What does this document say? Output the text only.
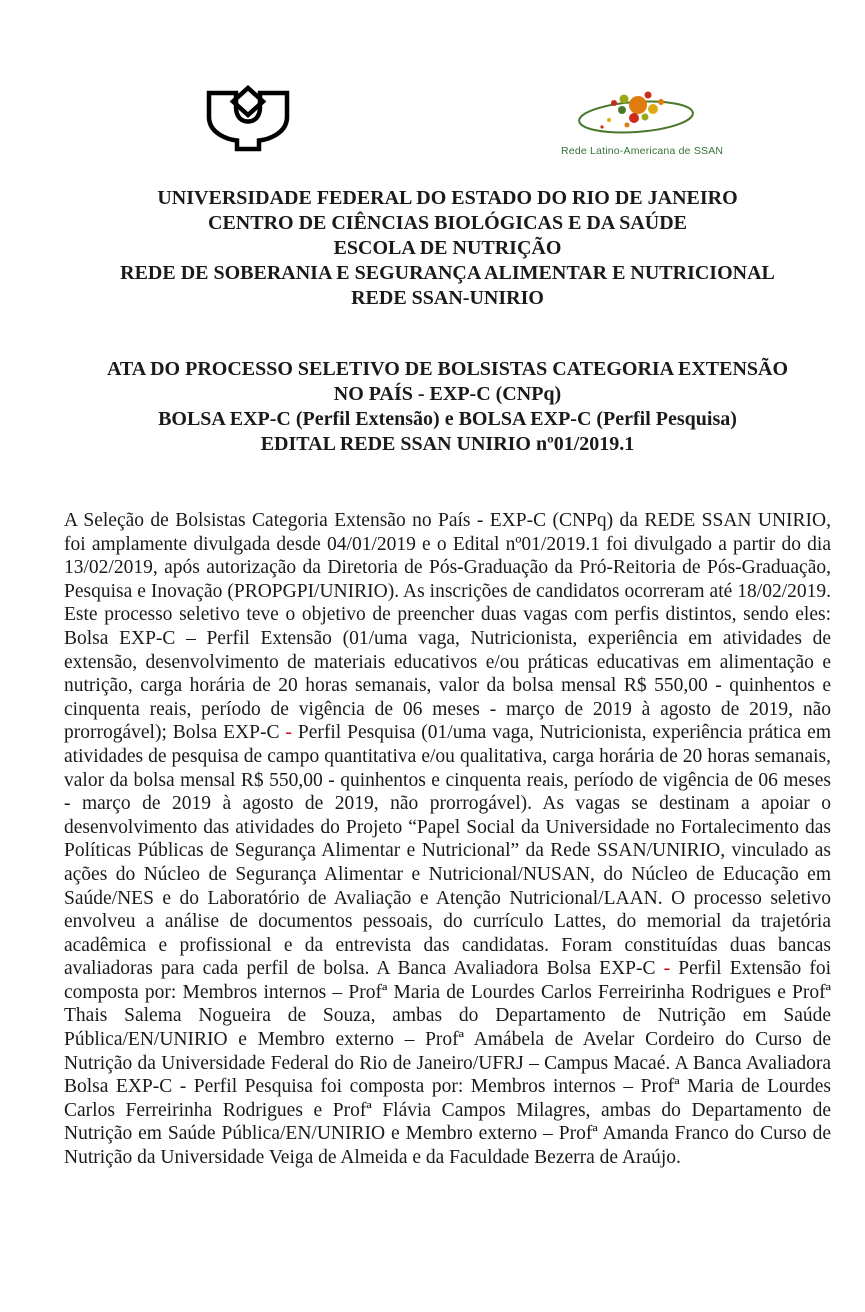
Rede Latino-Americana de SSAN
UNIVERSIDADE FEDERAL DO ESTADO DO RIO DE JANEIRO
CENTRO DE CIÊNCIAS BIOLÓGICAS E DA SAÚDE
ESCOLA DE NUTRIÇÃO
REDE DE SOBERANIA E SEGURANÇA ALIMENTAR E NUTRICIONAL
REDE SSAN-UNIRIO
ATA DO PROCESSO SELETIVO DE BOLSISTAS CATEGORIA EXTENSÃO
NO PAÍS - EXP-C (CNPq)
BOLSA EXP-C (Perfil Extensão) e BOLSA EXP-C (Perfil Pesquisa)
EDITAL REDE SSAN UNIRIO nº01/2019.1

A Seleção de Bolsistas Categoria Extensão no País - EXP-C (CNPq) da REDE SSAN UNIRIO, foi amplamente divulgada desde 04/01/2019 e o Edital nº01/2019.1 foi divulgado a partir do dia 13/02/2019, após autorização da Diretoria de Pós-Graduação da Pró-Reitoria de Pós-Graduação, Pesquisa e Inovação (PROPGPI/UNIRIO). As inscrições de candidatos ocorreram até 18/02/2019. Este processo seletivo teve o objetivo de preencher duas vagas com perfis distintos, sendo eles: Bolsa EXP-C – Perfil Extensão (01/uma vaga, Nutricionista, experiência em atividades de extensão, desenvolvimento de materiais educativos e/ou práticas educativas em alimentação e nutrição, carga horária de 20 horas semanais, valor da bolsa mensal R$ 550,00 - quinhentos e cinquenta reais, período de vigência de 06 meses - março de 2019 à agosto de 2019, não prorrogável); Bolsa EXP-C - Perfil Pesquisa (01/uma vaga, Nutricionista, experiência prática em atividades de pesquisa de campo quantitativa e/ou qualitativa, carga horária de 20 horas semanais, valor da bolsa mensal R$ 550,00 - quinhentos e cinquenta reais, período de vigência de 06 meses - março de 2019 à agosto de 2019, não prorrogável). As vagas se destinam a apoiar o desenvolvimento das atividades do Projeto “Papel Social da Universidade no Fortalecimento das Políticas Públicas de Segurança Alimentar e Nutricional” da Rede SSAN/UNIRIO, vinculado as ações do Núcleo de Segurança Alimentar e Nutricional/NUSAN, do Núcleo de Educação em Saúde/NES e do Laboratório de Avaliação e Atenção Nutricional/LAAN. O processo seletivo envolveu a análise de documentos pessoais, do currículo Lattes, do memorial da trajetória acadêmica e profissional e da entrevista das candidatas. Foram constituídas duas bancas avaliadoras para cada perfil de bolsa. A Banca Avaliadora Bolsa EXP-C - Perfil Extensão foi composta por: Membros internos – Profª Maria de Lourdes Carlos Ferreirinha Rodrigues e Profª Thais Salema Nogueira de Souza, ambas do Departamento de Nutrição em Saúde Pública/EN/UNIRIO e Membro externo – Profª Amábela de Avelar Cordeiro do Curso de Nutrição da Universidade Federal do Rio de Janeiro/UFRJ – Campus Macaé. A Banca Avaliadora Bolsa EXP-C - Perfil Pesquisa foi composta por: Membros internos – Profª Maria de Lourdes Carlos Ferreirinha Rodrigues e Profª Flávia Campos Milagres, ambas do Departamento de Nutrição em Saúde Pública/EN/UNIRIO e Membro externo – Profª Amanda Franco do Curso de Nutrição da Universidade Veiga de Almeida e da Faculdade Bezerra de Araújo.
